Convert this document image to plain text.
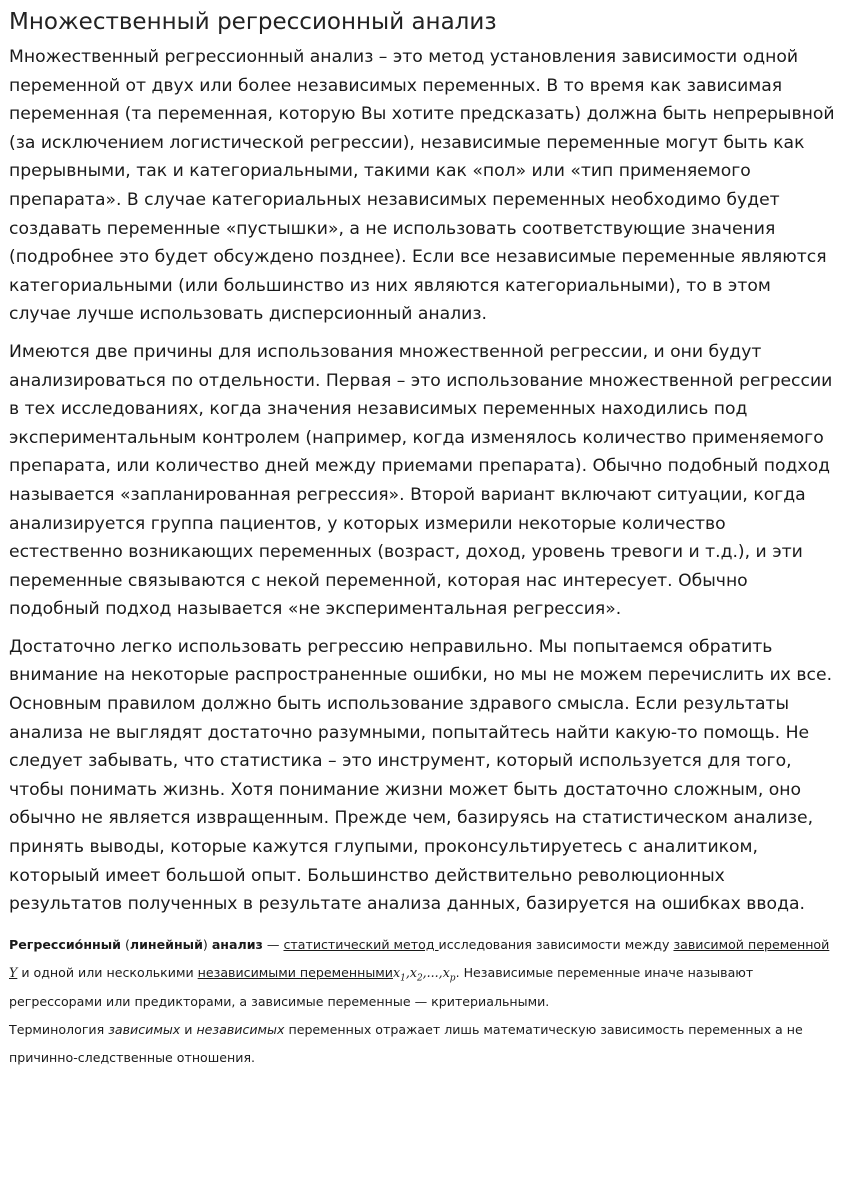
Множественный регрессионный анализ

Множественный регрессионный анализ – это метод установления зависимости одной переменной от двух или более независимых переменных. В то время как зависимая переменная (та переменная, которую Вы хотите предсказать) должна быть непрерывной (за исключением логистической регрессии), независимые переменные могут быть как прерывными, так и категориальными, такими как «пол» или «тип применяемого препарата». В случае категориальных независимых переменных необходимо будет создавать переменные «пустышки», а не использовать соответствующие значения (подробнее это будет обсуждено позднее). Если все независимые переменные являются категориальными (или большинство из них являются категориальными), то в этом случае лучше использовать дисперсионный анализ.

Имеются две причины для использования множественной регрессии, и они будут анализироваться по отдельности. Первая – это использование множественной регрессии в тех исследованиях, когда значения независимых переменных находились под экспериментальным контролем (например, когда изменялось количество применяемого препарата, или количество дней между приемами препарата). Обычно подобный подход называется «запланированная регрессия». Второй вариант включают ситуации, когда анализируется группа пациентов, у которых измерили некоторые количество естественно возникающих переменных (возраст, доход, уровень тревоги и т.д.), и эти переменные связываются с некой переменной, которая нас интересует. Обычно подобный подход называется «не экспериментальная регрессия».

Достаточно легко использовать регрессию неправильно. Мы попытаемся обратить внимание на некоторые распространенные ошибки, но мы не можем перечислить их все. Основным правилом должно быть использование здравого смысла. Если результаты анализа не выглядят достаточно разумными, попытайтесь найти какую-то помощь. Не следует забывать, что статистика – это инструмент, который используется для того, чтобы понимать жизнь. Хотя понимание жизни может быть достаточно сложным, оно обычно не является извращенным. Прежде чем, базируясь на статистическом анализе, принять выводы, которые кажутся глупыми, проконсультируетесь с аналитиком, которыый имеет большой опыт. Большинство действительно революционных результатов полученных в результате анализа данных, базируется на ошибках ввода.

Регрессио́нный (линейный) анализ — статистический метод исследования зависимости между зависимой переменной Y и одной или несколькими независимыми $переменнымиx_1,x_2,...,x_p$. Независимые переменные иначе называют регрессорами или предикторами, а зависимые переменные — критериальными.

Терминология зависимых и независимых переменных отражает лишь математическую зависимость переменных а не причинно-следственные отношения.
